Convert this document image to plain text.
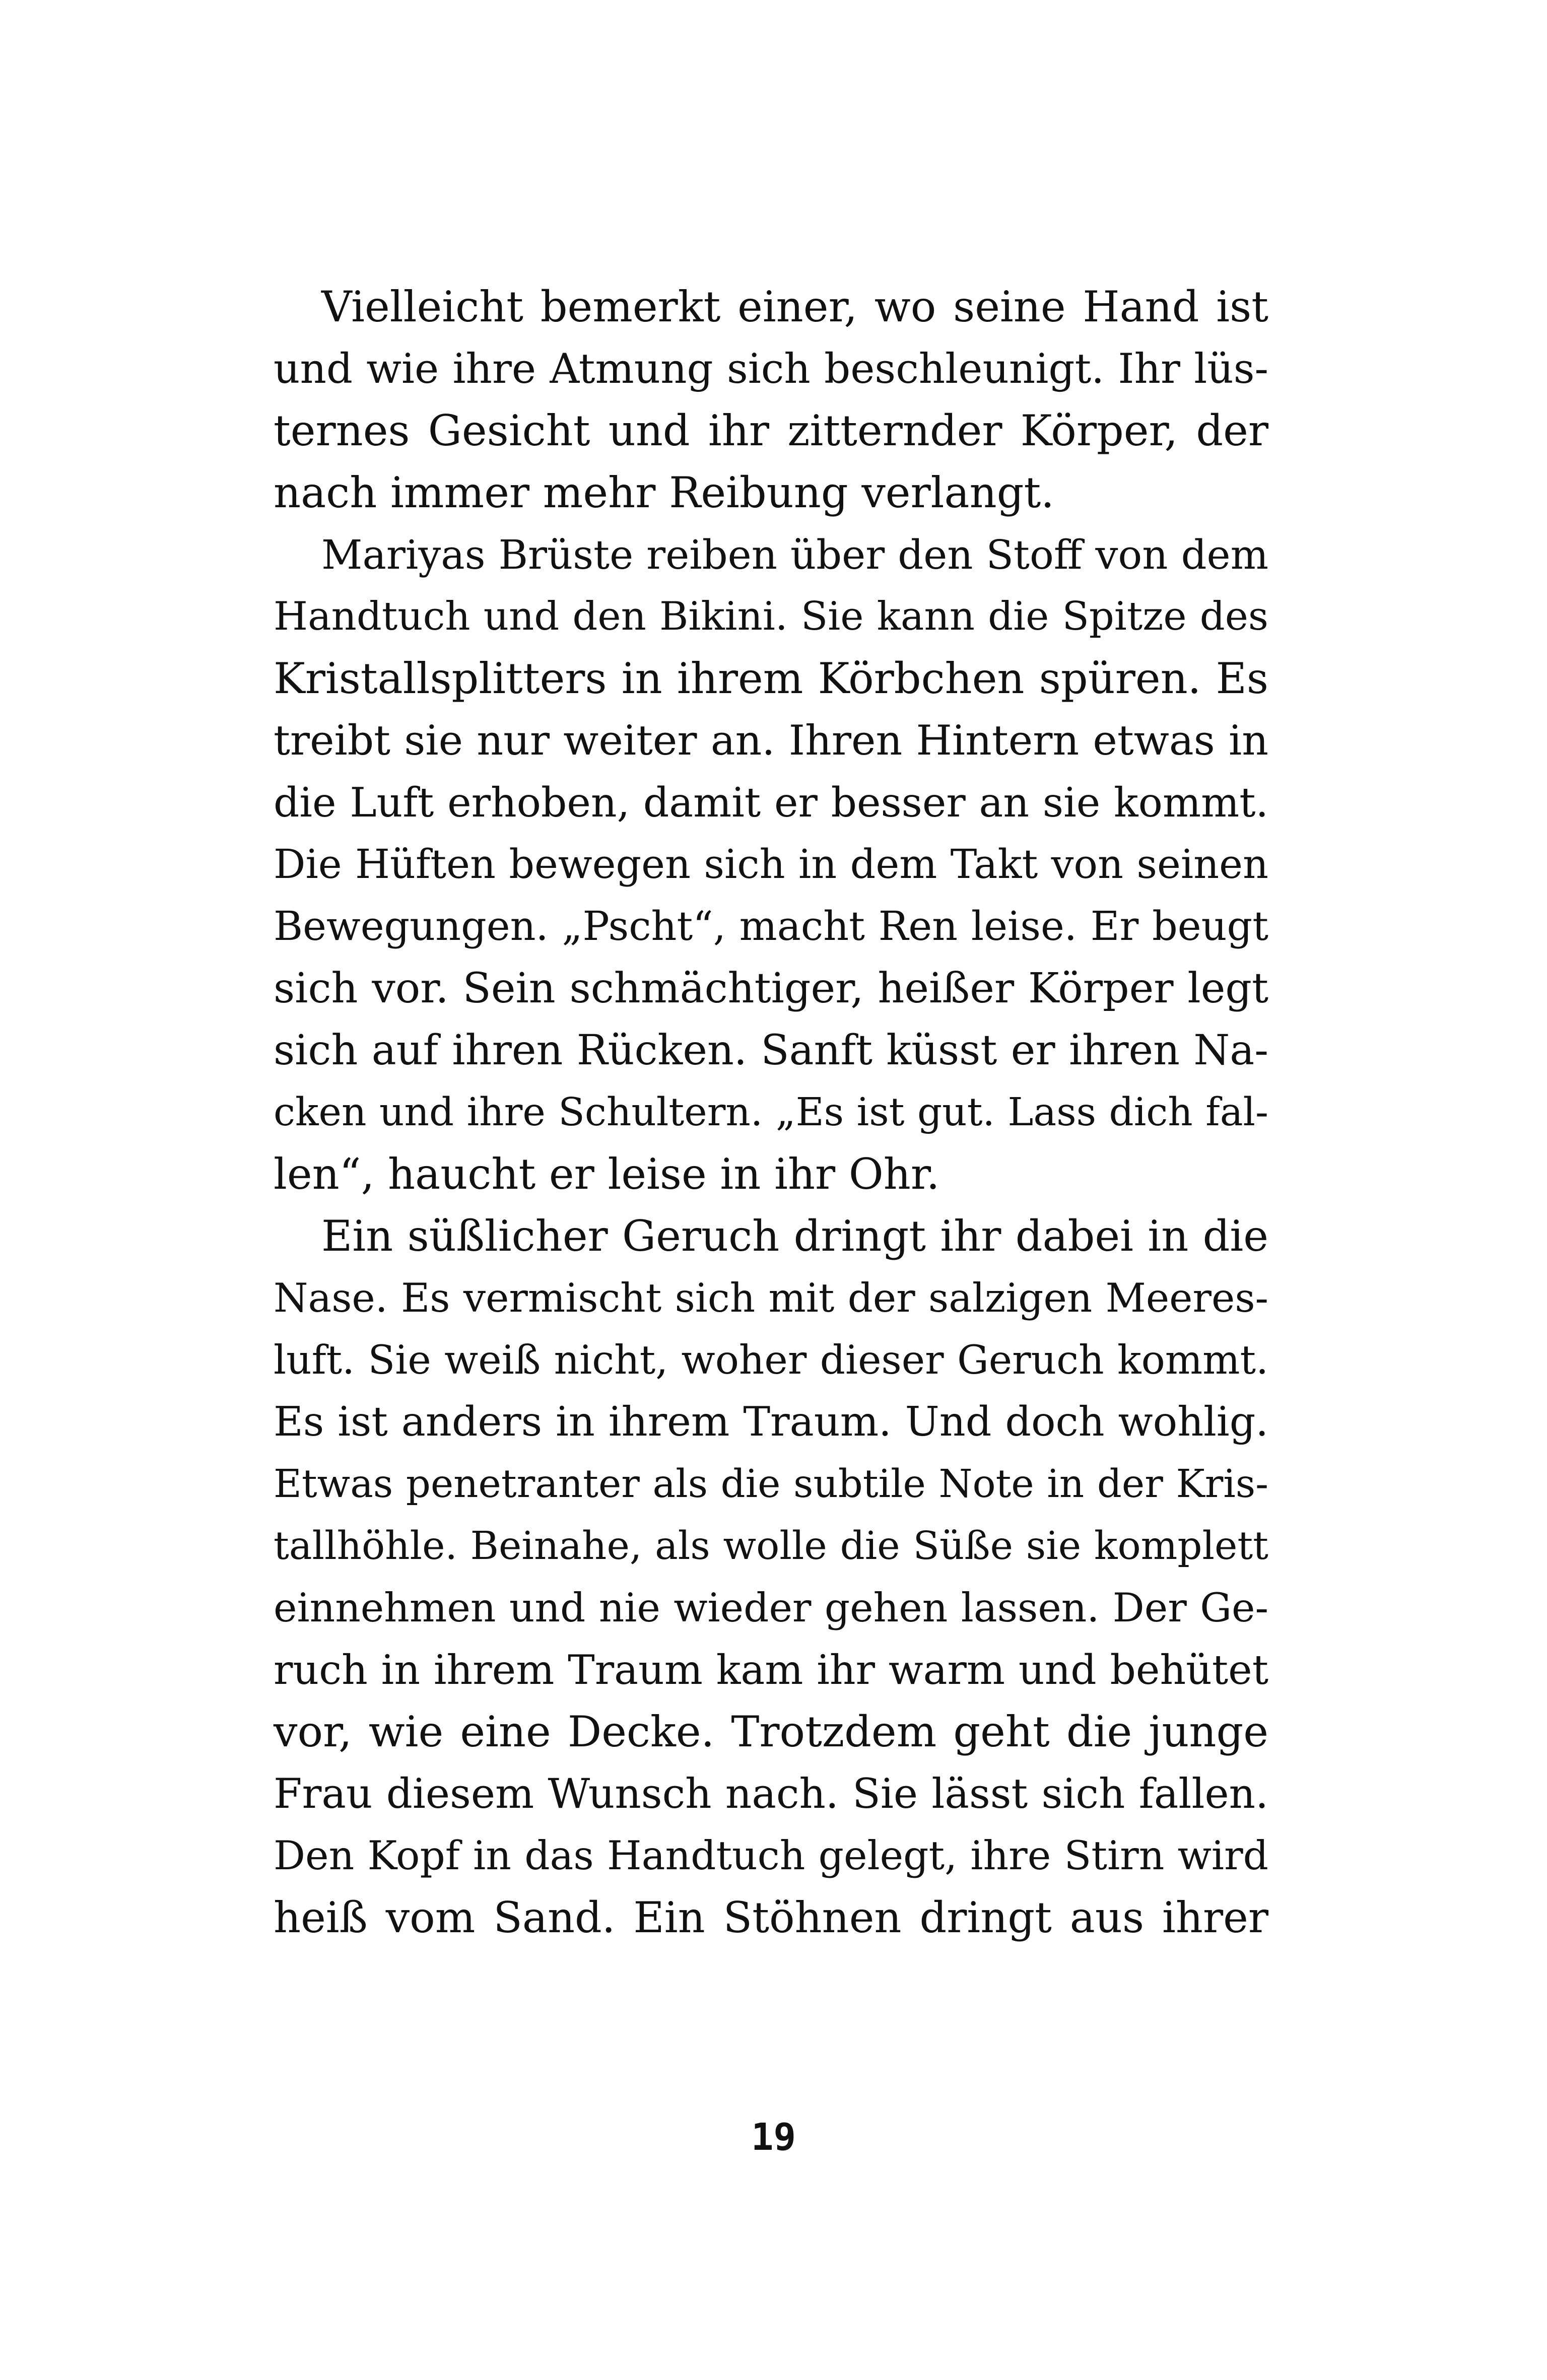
Vielleicht bemerkt einer, wo seine Hand ist
und wie ihre Atmung sich beschleunigt. Ihr lüs-
ternes Gesicht und ihr zitternder Körper, der
nach immer mehr Reibung verlangt.
Mariyas Brüste reiben über den Stoff von dem
Handtuch und den Bikini. Sie kann die Spitze des
Kristallsplitters in ihrem Körbchen spüren. Es
treibt sie nur weiter an. Ihren Hintern etwas in
die Luft erhoben, damit er besser an sie kommt.
Die Hüften bewegen sich in dem Takt von seinen
Bewegungen. „Pscht“, macht Ren leise. Er beugt
sich vor. Sein schmächtiger, heißer Körper legt
sich auf ihren Rücken. Sanft küsst er ihren Na-
cken und ihre Schultern. „Es ist gut. Lass dich fal-
len“, haucht er leise in ihr Ohr.
Ein süßlicher Geruch dringt ihr dabei in die
Nase. Es vermischt sich mit der salzigen Meeres-
luft. Sie weiß nicht, woher dieser Geruch kommt.
Es ist anders in ihrem Traum. Und doch wohlig.
Etwas penetranter als die subtile Note in der Kris-
tallhöhle. Beinahe, als wolle die Süße sie komplett
einnehmen und nie wieder gehen lassen. Der Ge-
ruch in ihrem Traum kam ihr warm und behütet
vor, wie eine Decke. Trotzdem geht die junge
Frau diesem Wunsch nach. Sie lässt sich fallen.
Den Kopf in das Handtuch gelegt, ihre Stirn wird
heiß vom Sand. Ein Stöhnen dringt aus ihrer
19
